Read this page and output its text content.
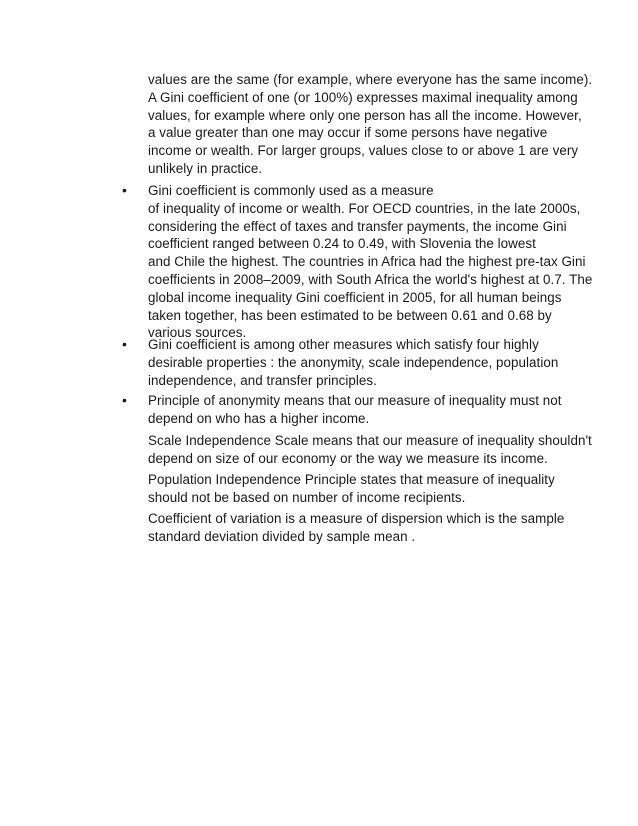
values are the same (for example, where everyone has the same income).
A Gini coefficient of one (or 100%) expresses maximal inequality among
values, for example where only one person has all the income. However,
a value greater than one may occur if some persons have negative
income or wealth. For larger groups, values close to or above 1 are very
unlikely in practice.
• Gini coefficient is commonly used as a measure
of inequality of income or wealth. For OECD countries, in the late 2000s,
considering the effect of taxes and transfer payments, the income Gini
coefficient ranged between 0.24 to 0.49, with Slovenia the lowest
and Chile the highest. The countries in Africa had the highest pre-tax Gini
coefficients in 2008–2009, with South Africa the world's highest at 0.7. The
global income inequality Gini coefficient in 2005, for all human beings
taken together, has been estimated to be between 0.61 and 0.68 by
various sources.
• Gini coefficient is among other measures which satisfy four highly
desirable properties : the anonymity, scale independence, population
independence, and transfer principles.
• Principle of anonymity means that our measure of inequality must not
depend on who has a higher income.
Scale Independence Scale means that our measure of inequality shouldn't
depend on size of our economy or the way we measure its income.
Population Independence Principle states that measure of inequality
should not be based on number of income recipients.
Coefficient of variation is a measure of dispersion which is the sample
standard deviation divided by sample mean .
